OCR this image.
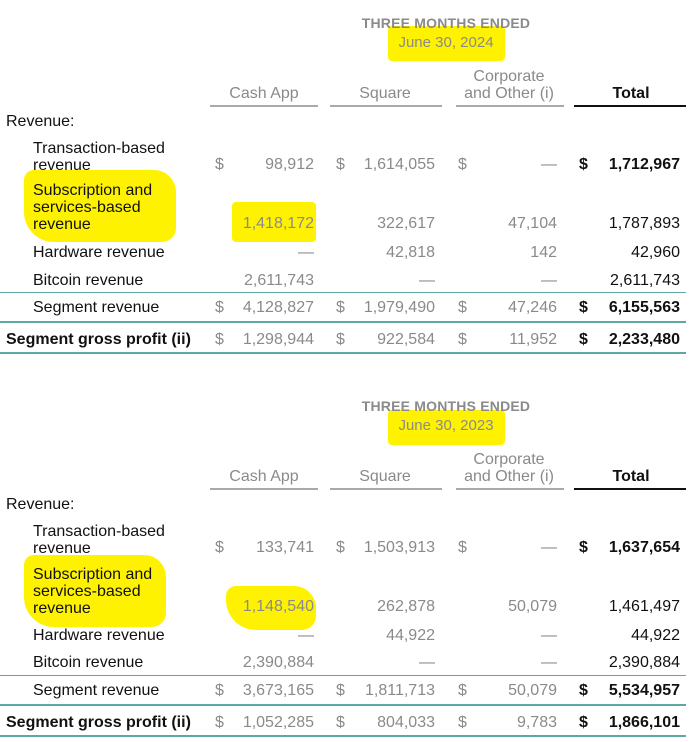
THREE MONTHS ENDED
June 30, 2024
Cash App	Square
Corporate
and Other (i)	Total
Revenue:
Transaction-based
revenue	$	98,912 $	1,614,055 $	— $	1,712,967
Subscription and
services-based
revenue	1,418,172	322,617	47,104	1,787,893
Hardware revenue	—	42,818	142	42,960
Bitcoin revenue	2,611,743	—	—	2,611,743
Segment revenue	$	4,128,827 $	1,979,490 $	47,246 $	6,155,563
Segment gross profit (ii) $	1,298,944 $	922,584 $	11,952 $	2,233,480
THREE MONTHS ENDED
June 30, 2023
Cash App	Square
Corporate
and Other (i)	Total
Revenue:
Transaction-based
revenue	$	133,741 $	1,503,913 $	— $	1,637,654
Subscription and
services-based
revenue	1,148,540	262,878	50,079	1,461,497
Hardware revenue	—	44,922	—	44,922
Bitcoin revenue	2,390,884	—	—	2,390,884
Segment revenue	$	3,673,165 $	1,811,713 $	50,079 $	5,534,957
Segment gross profit (ii) $	1,052,285 $	804,033 $	9,783 $	1,866,101
